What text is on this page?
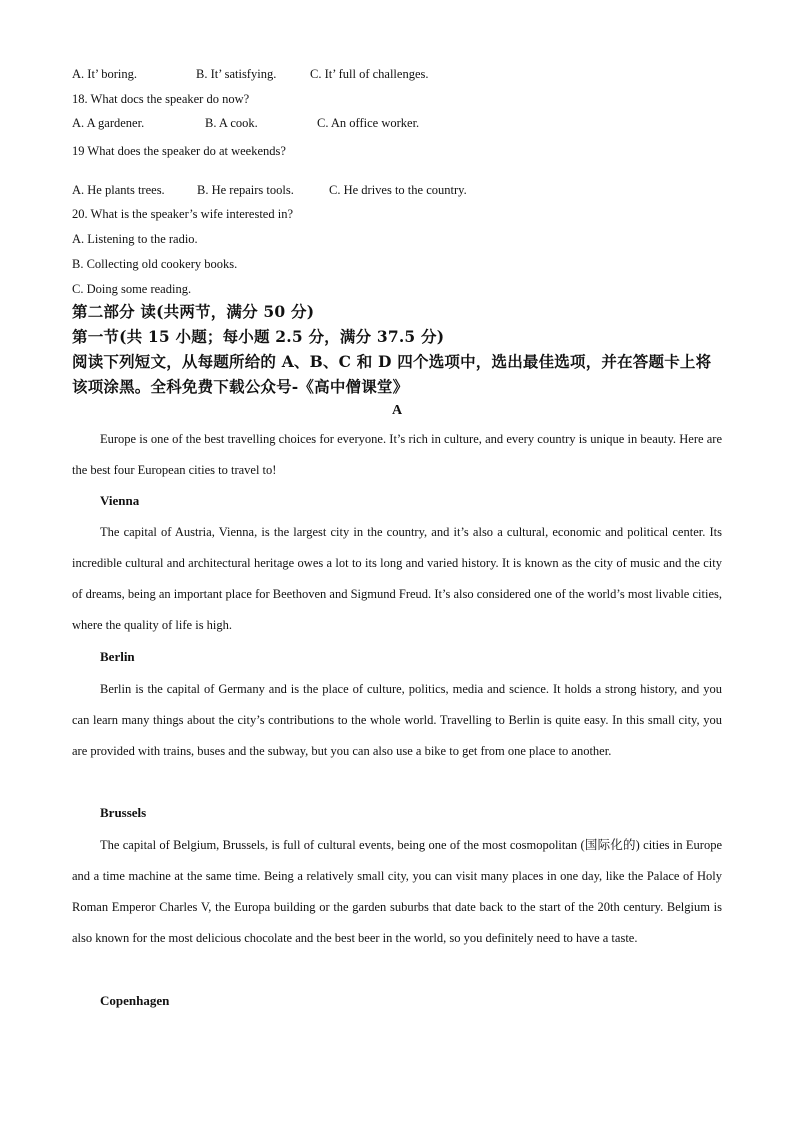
A. It’ boring.	B. It’ satisfying.	C. It’ full of challenges.
18. What docs the speaker do now?
A. A gardener.	B. A cook.	C. An office worker.
19 What does the speaker do at weekends?
A. He plants trees.	B. He repairs tools.	C. He drives to the country.
20. What is the speaker’s wife interested in?
A. Listening to the radio.
B. Collecting old cookery books.
C. Doing some reading.
第二部分 读(共两节，满分 50 分)
第一节(共 15 小题；每小题 2.5 分，满分 37.5 分)
阅读下列短文，从每题所给的 A、B、C 和 D 四个选项中，选出最佳选项，并在答题卡上将
该项涂黑。全科免费下载公众号-《高中僧课堂》
A

Europe is one of the best travelling choices for everyone. It’s rich in culture, and every country is unique in beauty. Here are the best four European cities to travel to!

Vienna

The capital of Austria, Vienna, is the largest city in the country, and it’s also a cultural, economic and political center. Its incredible cultural and architectural heritage owes a lot to its long and varied history. It is known as the city of music and the city of dreams, being an important place for Beethoven and Sigmund Freud. It’s also considered one of the world’s most livable cities, where the quality of life is high.

Berlin

Berlin is the capital of Germany and is the place of culture, politics, media and science. It holds a strong history, and you can learn many things about the city’s contributions to the whole world. Travelling to Berlin is quite easy. In this small city, you are provided with trains, buses and the subway, but you can also use a bike to get from one place to another.

Brussels

The capital of Belgium, Brussels, is full of cultural events, being one of the most cosmopolitan (国际化的) cities in Europe and a time machine at the same time. Being a relatively small city, you can visit many places in one day, like the Palace of Holy Roman Emperor Charles V, the Europa building or the garden suburbs that date back to the start of the 20th century. Belgium is also known for the most delicious chocolate and the best beer in the world, so you definitely need to have a taste.

Copenhagen
